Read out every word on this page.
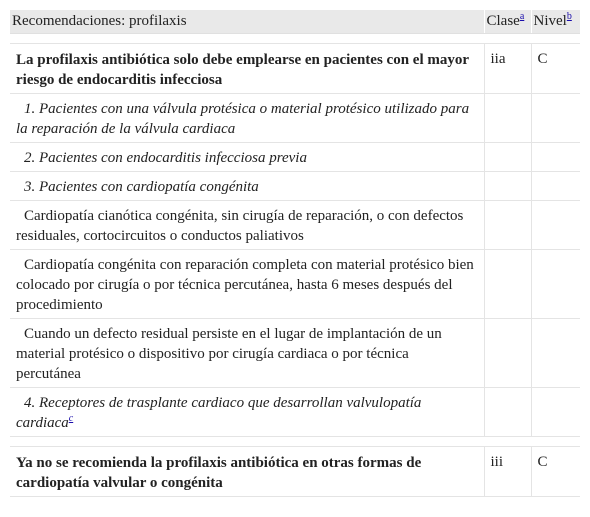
Recomendaciones: profilaxis	Clase$^a$	Nivel$^b$

La profilaxis antibiótica solo debe emplearse en pacientes con el mayor riesgo de endocarditis infecciosa	iia	C
1. Pacientes con una válvula protésica o material protésico utilizado para la reparación de la válvula cardiaca		
2. Pacientes con endocarditis infecciosa previa		
3. Pacientes con cardiopatía congénita		
Cardiopatía cianótica congénita, sin cirugía de reparación, o con defectos residuales, cortocircuitos o conductos paliativos		
Cardiopatía congénita con reparación completa con material protésico bien colocado por cirugía o por técnica percutánea, hasta 6 meses después del procedimiento		
Cuando un defecto residual persiste en el lugar de implantación de un material protésico o dispositivo por cirugía cardiaca o por técnica percutánea		
4. Receptores de trasplante cardiaco que desarrollan valvulopatía cardiaca$^c$		

Ya no se recomienda la profilaxis antibiótica en otras formas de cardiopatía valvular o congénita	iii	C
